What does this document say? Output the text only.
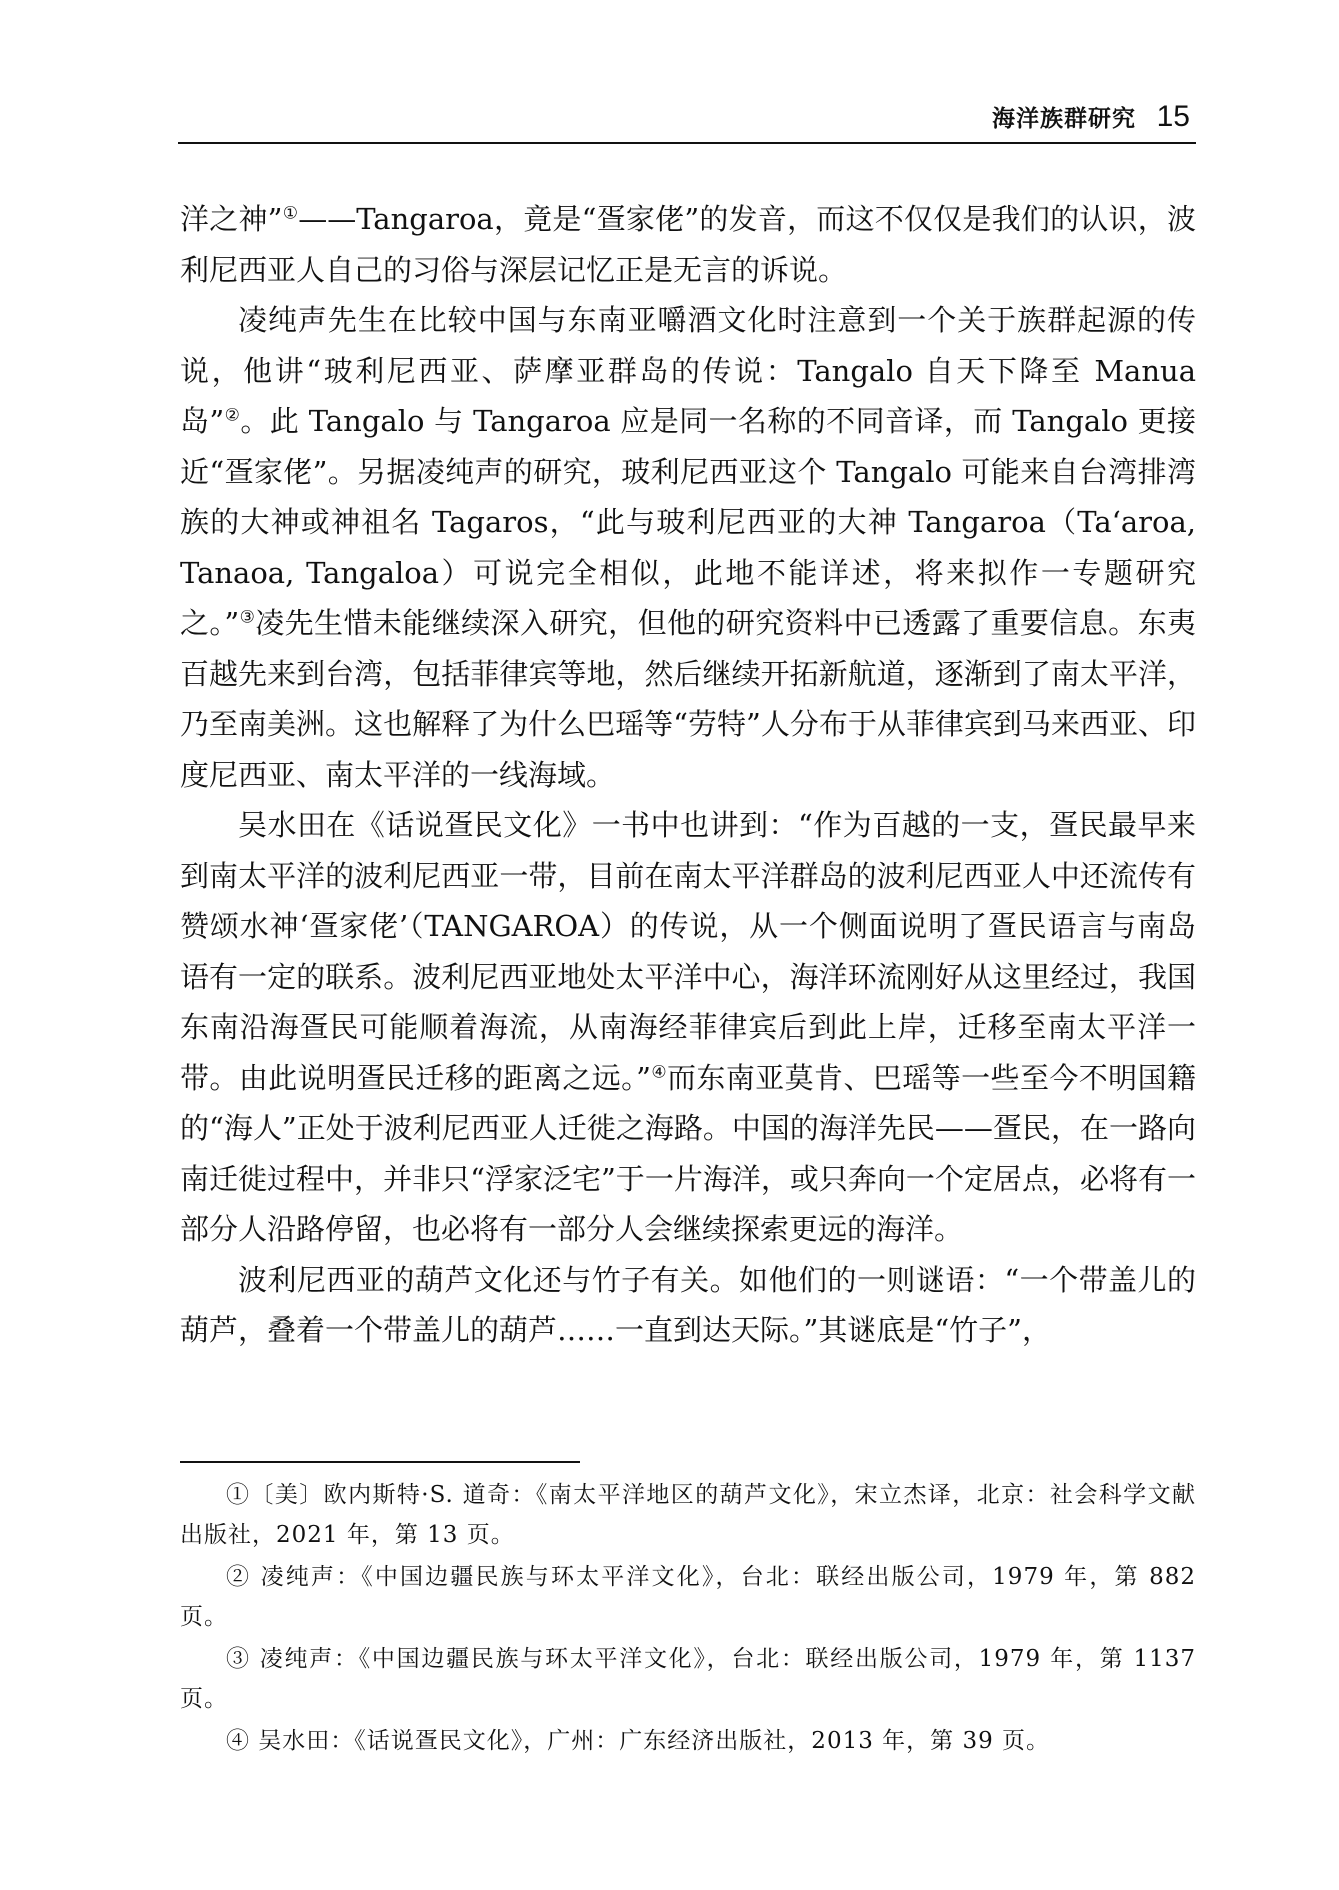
海洋族群研究 15

洋之神”①——Tangaroa，竟是“疍家佬”的发音，而这不仅仅是我们的认识，波利尼西亚人自己的习俗与深层记忆正是无言的诉说。

凌纯声先生在比较中国与东南亚嚼酒文化时注意到一个关于族群起源的传说，他讲“玻利尼西亚、萨摩亚群岛的传说：Tangalo 自天下降至 Manua 岛”②。此 Tangalo 与 Tangaroa 应是同一名称的不同音译，而 Tangalo 更接近“疍家佬”。另据凌纯声的研究，玻利尼西亚这个 Tangalo 可能来自台湾排湾族的大神或神祖名 Tagaros，“此与玻利尼西亚的大神 Tangaroa（Ta‘aroa, Tanaoa, Tangaloa）可说完全相似，此地不能详述，将来拟作一专题研究之。”③凌先生惜未能继续深入研究，但他的研究资料中已透露了重要信息。东夷百越先来到台湾，包括菲律宾等地，然后继续开拓新航道，逐渐到了南太平洋，乃至南美洲。这也解释了为什么巴瑶等“劳特”人分布于从菲律宾到马来西亚、印度尼西亚、南太平洋的一线海域。

吴水田在《话说疍民文化》一书中也讲到：“作为百越的一支，疍民最早来到南太平洋的波利尼西亚一带，目前在南太平洋群岛的波利尼西亚人中还流传有赞颂水神‘疍家佬’（TANGAROA）的传说，从一个侧面说明了疍民语言与南岛语有一定的联系。波利尼西亚地处太平洋中心，海洋环流刚好从这里经过，我国东南沿海疍民可能顺着海流，从南海经菲律宾后到此上岸，迁移至南太平洋一带。由此说明疍民迁移的距离之远。”④而东南亚莫肯、巴瑶等一些至今不明国籍的“海人”正处于波利尼西亚人迁徙之海路。中国的海洋先民——疍民，在一路向南迁徙过程中，并非只“浮家泛宅”于一片海洋，或只奔向一个定居点，必将有一部分人沿路停留，也必将有一部分人会继续探索更远的海洋。

波利尼西亚的葫芦文化还与竹子有关。如他们的一则谜语：“一个带盖儿的葫芦，叠着一个带盖儿的葫芦……一直到达天际。”其谜底是“竹子”，

①〔美〕欧内斯特·S. 道奇：《南太平洋地区的葫芦文化》，宋立杰译，北京：社会科学文献出版社，2021 年，第 13 页。

② 凌纯声：《中国边疆民族与环太平洋文化》，台北：联经出版公司，1979 年，第 882 页。

③ 凌纯声：《中国边疆民族与环太平洋文化》，台北：联经出版公司，1979 年，第 1137 页。

④ 吴水田：《话说疍民文化》，广州：广东经济出版社，2013 年，第 39 页。
